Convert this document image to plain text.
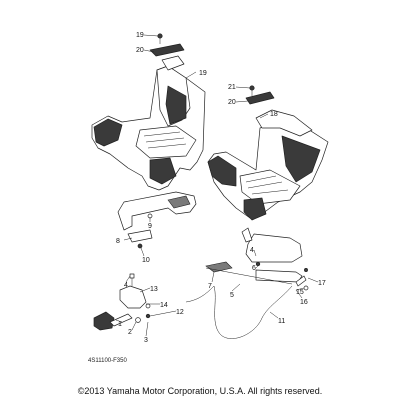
19
20
19
21
20
18
9
8
10
4
6
7
5
11
15
16
17
4
13
14
12
1
2
3
4S11100-F350
©2013 Yamaha Motor Corporation, U.S.A. All rights reserved.
